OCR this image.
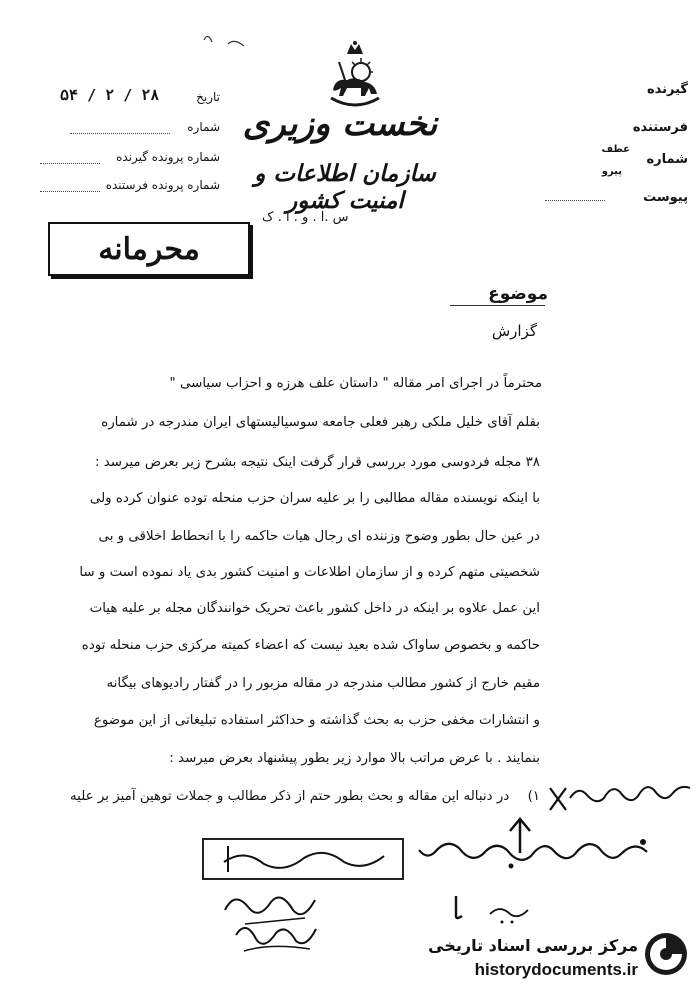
گیرنده
فرستنده
عطف
شماره
پیرو
پیوست
نخست وزیری
سازمان اطلاعات و امنیت کشور
س .ا . و . ا . ک
تاریخ
۲۸ / ۲ / ۵۴
شماره
شماره پرونده گیرنده
شماره پرونده فرستنده
محرمانه
موضوع
گزارش
محترماً در اجرای امر مقاله " داستان علف هرزه و احزاب سیاسی "
بقلم آقای خلیل ملکی رهبر فعلی جامعه سوسیالیستهای ایران مندرجه در شماره
۳۸ مجله فردوسی مورد بررسی قرار گرفت اینک نتیجه بشرح زیر بعرض میرسد :
با اینکه نویسنده مقاله مطالبی را بر علیه سران حزب منحله توده عنوان کرده ولی
در عین حال بطور وضوح وزننده ای رجال هیات حاکمه را با انحطاط اخلاقی و بی
شخصیتی متهم کرده و از سازمان اطلاعات و امنیت کشور بدی یاد نموده است و سا
این عمل علاوه بر اینکه در داخل کشور باعث تحریک خوانندگان مجله بر علیه هیات
حاکمه و بخصوص ساواک شده بعید نیست که اعضاء کمیته مرکزی حزب منحله توده
مقیم خارج از کشور مطالب مندرجه در مقاله مزبور را در گفتار رادیوهای بیگانه
و انتشارات مخفی حزب به بحث گذاشته و حداکثر استفاده تبلیغاتی از این موضوع
بنمایند . با عرض مراتب بالا موارد زیر بطور پیشنهاد بعرض میرسد :
۱) در دنباله این مقاله و بحث بطور حتم از ذکر مطالب و جملات توهین آمیز بر علیه
مرکز بررسی اسناد تاریخی
historydocuments.ir
